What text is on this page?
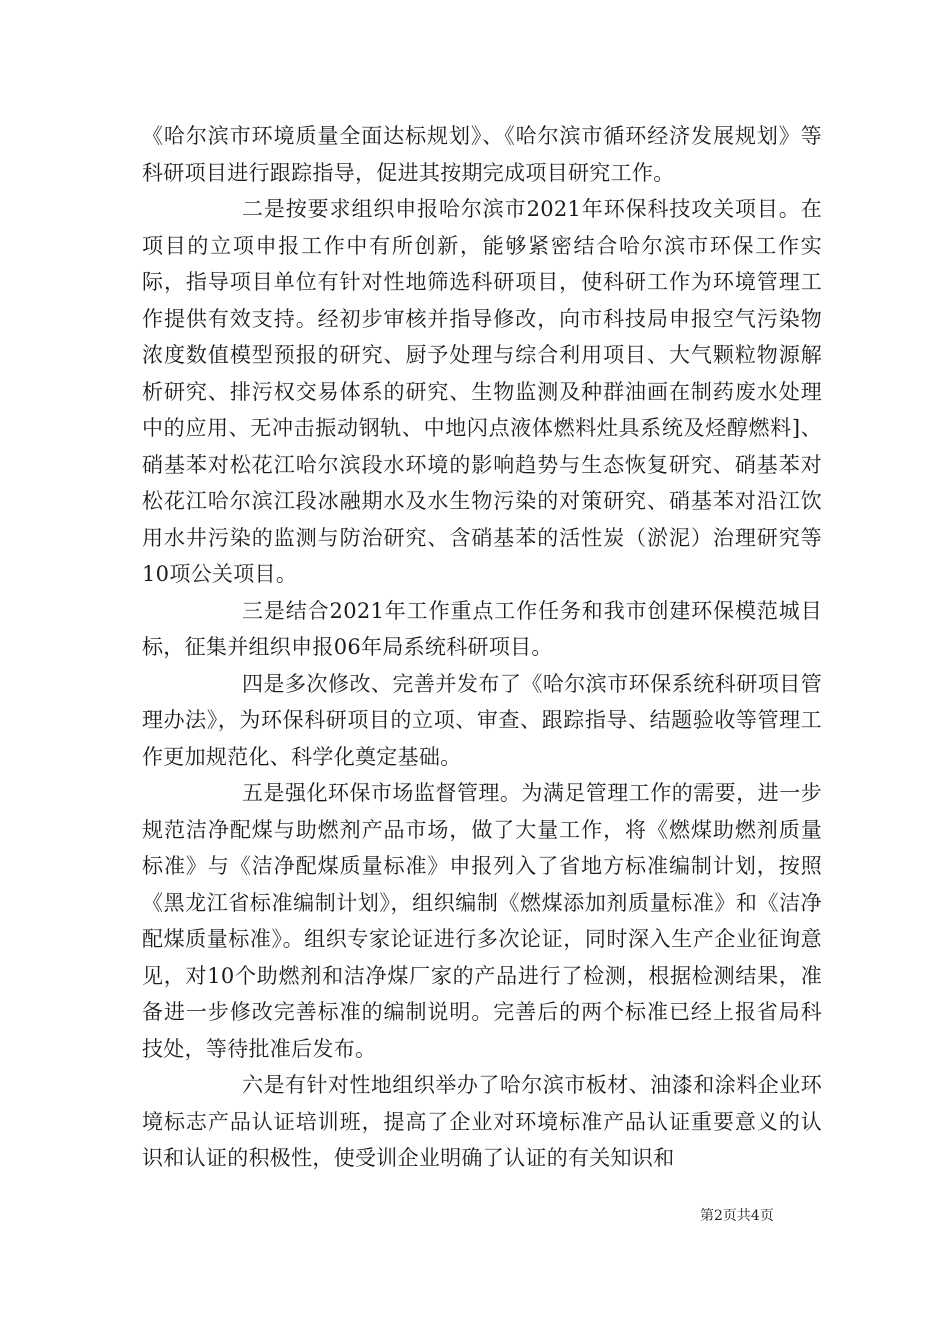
《哈尔滨市环境质量全面达标规划》、《哈尔滨市循环经济发展规划》等科研项目进行跟踪指导，促进其按期完成项目研究工作。

二是按要求组织申报哈尔滨市2021年环保科技攻关项目。在项目的立项申报工作中有所创新，能够紧密结合哈尔滨市环保工作实际，指导项目单位有针对性地筛选科研项目，使科研工作为环境管理工作提供有效支持。经初步审核并指导修改，向市科技局申报空气污染物浓度数值模型预报的研究、厨予处理与综合利用项目、大气颗粒物源解析研究、排污权交易体系的研究、生物监测及种群油画在制药废水处理中的应用、无冲击振动钢轨、中地闪点液体燃料灶具系统及烃醇燃料]、硝基苯对松花江哈尔滨段水环境的影响趋势与生态恢复研究、硝基苯对松花江哈尔滨江段冰融期水及水生物污染的对策研究、硝基苯对沿江饮用水井污染的监测与防治研究、含硝基苯的活性炭（淤泥）治理研究等10项公关项目。

三是结合2021年工作重点工作任务和我市创建环保模范城目标，征集并组织申报06年局系统科研项目。

四是多次修改、完善并发布了《哈尔滨市环保系统科研项目管理办法》，为环保科研项目的立项、审查、跟踪指导、结题验收等管理工作更加规范化、科学化奠定基础。

五是强化环保市场监督管理。为满足管理工作的需要，进一步规范洁净配煤与助燃剂产品市场，做了大量工作，将《燃煤助燃剂质量标准》与《洁净配煤质量标准》申报列入了省地方标准编制计划，按照《黑龙江省标准编制计划》，组织编制《燃煤添加剂质量标准》和《洁净配煤质量标准》。组织专家论证进行多次论证，同时深入生产企业征询意见，对10个助燃剂和洁净煤厂家的产品进行了检测，根据检测结果，准备进一步修改完善标准的编制说明。完善后的两个标准已经上报省局科技处，等待批准后发布。

六是有针对性地组织举办了哈尔滨市板材、油漆和涂料企业环境标志产品认证培训班，提高了企业对环境标准产品认证重要意义的认识和认证的积极性，使受训企业明确了认证的有关知识和

第2页共4页
